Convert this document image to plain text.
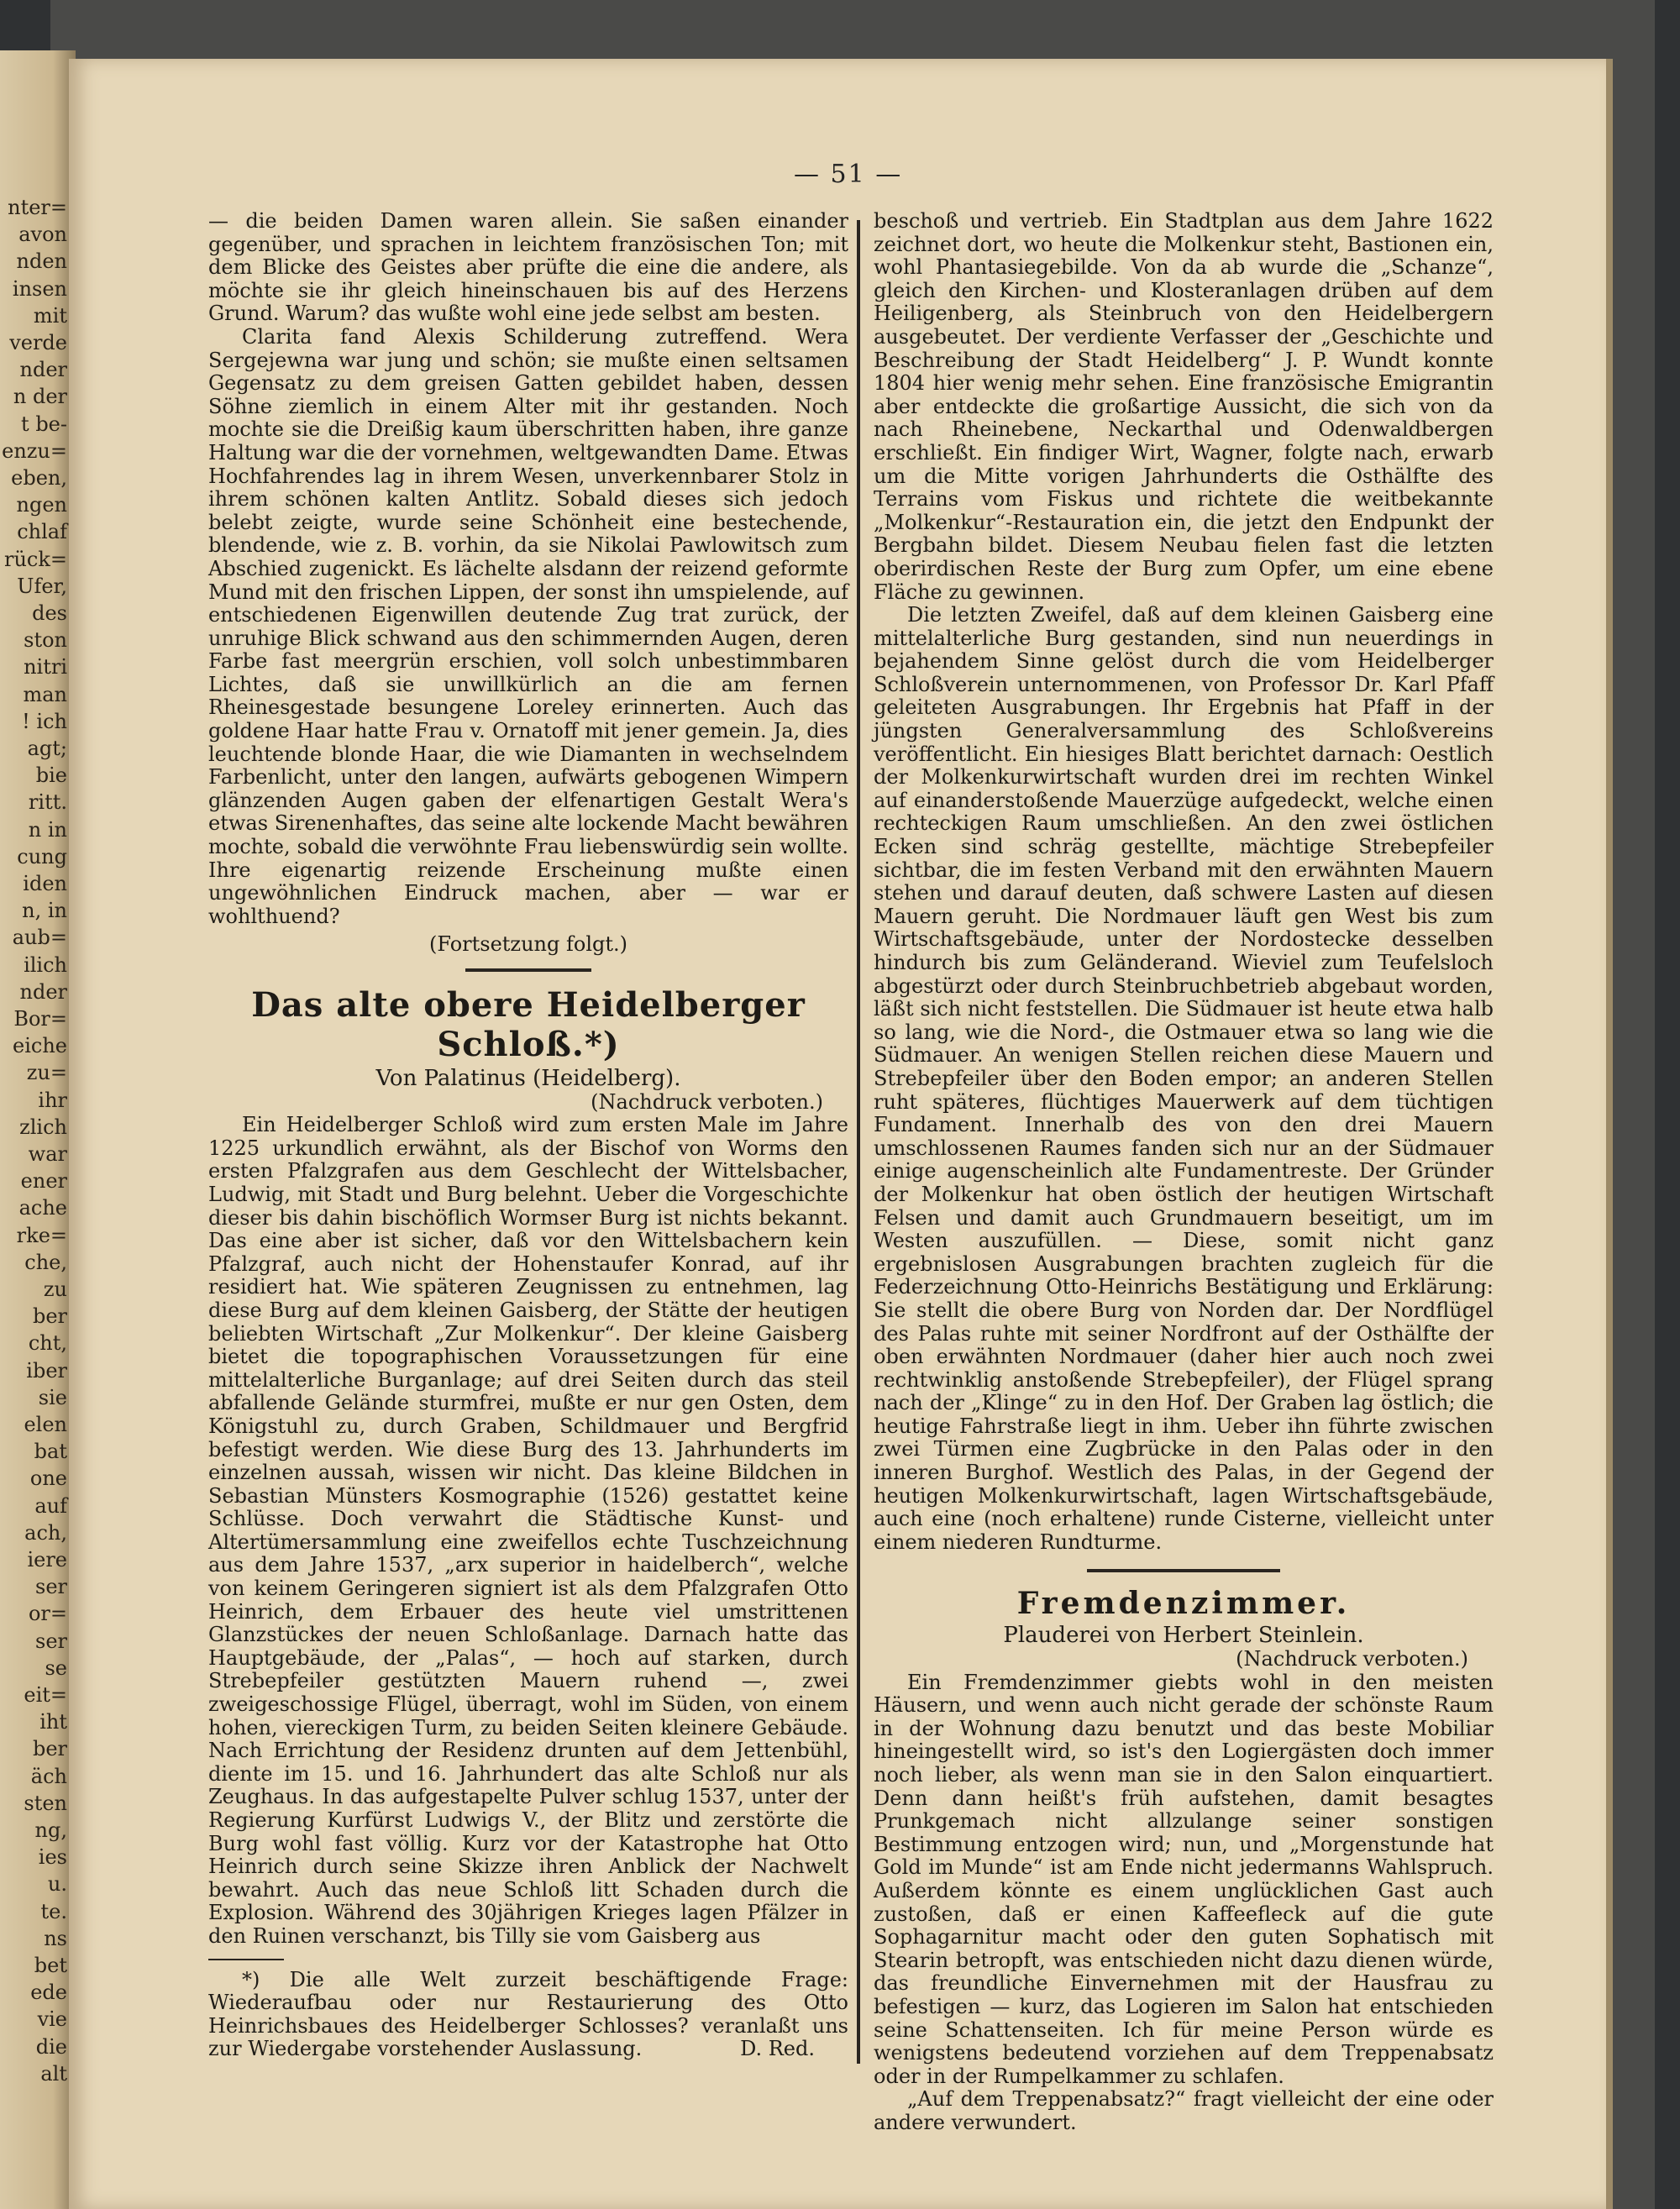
nter=
avon
nden
insen
mit
verde
nder
n der
t be-
enzu=
eben,
ngen
chlaf
rück=
Ufer,
des
ston
nitri
man
! ich
agt;
bie
ritt.
n in
cung
iden
n, in
aub=
ilich
nder
Bor=
eiche
zu=
ihr
zlich
war
ener
ache
rke=
che,
zu
ber
cht,
iber
sie
elen
bat
one
auf
ach,
iere
ser
or=
ser
se
eit=
iht
ber
äch
sten
ng,
ies
u.
te.
ns
bet
ede
vie
die
alt
— 51 —

— die beiden Damen waren allein. Sie saßen einander gegenüber, und sprachen in leichtem französischen Ton; mit dem Blicke des Geistes aber prüfte die eine die andere, als möchte sie ihr gleich hineinschauen bis auf des Herzens Grund. Warum? das wußte wohl eine jede selbst am besten.

Clarita fand Alexis Schilderung zutreffend. Wera Sergejewna war jung und schön; sie mußte einen seltsamen Gegensatz zu dem greisen Gatten gebildet haben, dessen Söhne ziemlich in einem Alter mit ihr gestanden. Noch mochte sie die Dreißig kaum überschritten haben, ihre ganze Haltung war die der vornehmen, weltgewandten Dame. Etwas Hochfahrendes lag in ihrem Wesen, unverkennbarer Stolz in ihrem schönen kalten Antlitz. Sobald dieses sich jedoch belebt zeigte, wurde seine Schönheit eine bestechende, blendende, wie z. B. vorhin, da sie Nikolai Pawlowitsch zum Abschied zugenickt. Es lächelte alsdann der reizend geformte Mund mit den frischen Lippen, der sonst ihn umspielende, auf entschiedenen Eigenwillen deutende Zug trat zurück, der unruhige Blick schwand aus den schimmernden Augen, deren Farbe fast meergrün erschien, voll solch unbestimmbaren Lichtes, daß sie unwillkürlich an die am fernen Rheinesgestade besungene Loreley erinnerten. Auch das goldene Haar hatte Frau v. Ornatoff mit jener gemein. Ja, dies leuchtende blonde Haar, die wie Diamanten in wechselndem Farbenlicht, unter den langen, aufwärts gebogenen Wimpern glänzenden Augen gaben der elfenartigen Gestalt Wera's etwas Sirenenhaftes, das seine alte lockende Macht bewähren mochte, sobald die verwöhnte Frau liebenswürdig sein wollte. Ihre eigenartig reizende Erscheinung mußte einen ungewöhnlichen Eindruck machen, aber — war er wohlthuend?

(Fortsetzung folgt.)

Das alte obere Heidelberger Schloß.*)

Von Palatinus (Heidelberg).

(Nachdruck verboten.)

Ein Heidelberger Schloß wird zum ersten Male im Jahre 1225 urkundlich erwähnt, als der Bischof von Worms den ersten Pfalzgrafen aus dem Geschlecht der Wittelsbacher, Ludwig, mit Stadt und Burg belehnt. Ueber die Vorgeschichte dieser bis dahin bischöflich Wormser Burg ist nichts bekannt. Das eine aber ist sicher, daß vor den Wittelsbachern kein Pfalzgraf, auch nicht der Hohenstaufer Konrad, auf ihr residiert hat. Wie späteren Zeugnissen zu entnehmen, lag diese Burg auf dem kleinen Gaisberg, der Stätte der heutigen beliebten Wirtschaft „Zur Molkenkur“. Der kleine Gaisberg bietet die topographischen Voraussetzungen für eine mittelalterliche Burganlage; auf drei Seiten durch das steil abfallende Gelände sturmfrei, mußte er nur gen Osten, dem Königstuhl zu, durch Graben, Schildmauer und Bergfrid befestigt werden. Wie diese Burg des 13. Jahrhunderts im einzelnen aussah, wissen wir nicht. Das kleine Bildchen in Sebastian Münsters Kosmographie (1526) gestattet keine Schlüsse. Doch verwahrt die Städtische Kunst- und Altertümersammlung eine zweifellos echte Tuschzeichnung aus dem Jahre 1537, „arx superior in haidelberch“, welche von keinem Geringeren signiert ist als dem Pfalzgrafen Otto Heinrich, dem Erbauer des heute viel umstrittenen Glanzstückes der neuen Schloßanlage. Darnach hatte das Hauptgebäude, der „Palas“, — hoch auf starken, durch Strebepfeiler gestützten Mauern ruhend —, zwei zweigeschossige Flügel, überragt, wohl im Süden, von einem hohen, viereckigen Turm, zu beiden Seiten kleinere Gebäude. Nach Errichtung der Residenz drunten auf dem Jettenbühl, diente im 15. und 16. Jahrhundert das alte Schloß nur als Zeughaus. In das aufgestapelte Pulver schlug 1537, unter der Regierung Kurfürst Ludwigs V., der Blitz und zerstörte die Burg wohl fast völlig. Kurz vor der Katastrophe hat Otto Heinrich durch seine Skizze ihren Anblick der Nachwelt bewahrt. Auch das neue Schloß litt Schaden durch die Explosion. Während des 30jährigen Krieges lagen Pfälzer in den Ruinen verschanzt, bis Tilly sie vom Gaisberg aus

*) Die alle Welt zurzeit beschäftigende Frage: Wiederaufbau oder nur Restaurierung des Otto Heinrichsbaues des Heidelberger Schlosses? veranlaßt uns zur Wiedergabe vorstehender Auslassung.	D. Red.

beschoß und vertrieb. Ein Stadtplan aus dem Jahre 1622 zeichnet dort, wo heute die Molkenkur steht, Bastionen ein, wohl Phantasiegebilde. Von da ab wurde die „Schanze“, gleich den Kirchen- und Klosteranlagen drüben auf dem Heiligenberg, als Steinbruch von den Heidelbergern ausgebeutet. Der verdiente Verfasser der „Geschichte und Beschreibung der Stadt Heidelberg“ J. P. Wundt konnte 1804 hier wenig mehr sehen. Eine französische Emigrantin aber entdeckte die großartige Aussicht, die sich von da nach Rheinebene, Neckarthal und Odenwaldbergen erschließt. Ein findiger Wirt, Wagner, folgte nach, erwarb um die Mitte vorigen Jahrhunderts die Osthälfte des Terrains vom Fiskus und richtete die weitbekannte „Molkenkur“-Restauration ein, die jetzt den Endpunkt der Bergbahn bildet. Diesem Neubau fielen fast die letzten oberirdischen Reste der Burg zum Opfer, um eine ebene Fläche zu gewinnen.

Die letzten Zweifel, daß auf dem kleinen Gaisberg eine mittelalterliche Burg gestanden, sind nun neuerdings in bejahendem Sinne gelöst durch die vom Heidelberger Schloßverein unternommenen, von Professor Dr. Karl Pfaff geleiteten Ausgrabungen. Ihr Ergebnis hat Pfaff in der jüngsten Generalversammlung des Schloßvereins veröffentlicht. Ein hiesiges Blatt berichtet darnach: Oestlich der Molkenkurwirtschaft wurden drei im rechten Winkel auf einanderstoßende Mauerzüge aufgedeckt, welche einen rechteckigen Raum umschließen. An den zwei östlichen Ecken sind schräg gestellte, mächtige Strebepfeiler sichtbar, die im festen Verband mit den erwähnten Mauern stehen und darauf deuten, daß schwere Lasten auf diesen Mauern geruht. Die Nordmauer läuft gen West bis zum Wirtschaftsgebäude, unter der Nordostecke desselben hindurch bis zum Geländerand. Wieviel zum Teufelsloch abgestürzt oder durch Steinbruchbetrieb abgebaut worden, läßt sich nicht feststellen. Die Südmauer ist heute etwa halb so lang, wie die Nord-, die Ostmauer etwa so lang wie die Südmauer. An wenigen Stellen reichen diese Mauern und Strebepfeiler über den Boden empor; an anderen Stellen ruht späteres, flüchtiges Mauerwerk auf dem tüchtigen Fundament. Innerhalb des von den drei Mauern umschlossenen Raumes fanden sich nur an der Südmauer einige augenscheinlich alte Fundamentreste. Der Gründer der Molkenkur hat oben östlich der heutigen Wirtschaft Felsen und damit auch Grundmauern beseitigt, um im Westen auszufüllen. — Diese, somit nicht ganz ergebnislosen Ausgrabungen brachten zugleich für die Federzeichnung Otto-Heinrichs Bestätigung und Erklärung: Sie stellt die obere Burg von Norden dar. Der Nordflügel des Palas ruhte mit seiner Nordfront auf der Osthälfte der oben erwähnten Nordmauer (daher hier auch noch zwei rechtwinklig anstoßende Strebepfeiler), der Flügel sprang nach der „Klinge“ zu in den Hof. Der Graben lag östlich; die heutige Fahrstraße liegt in ihm. Ueber ihn führte zwischen zwei Türmen eine Zugbrücke in den Palas oder in den inneren Burghof. Westlich des Palas, in der Gegend der heutigen Molkenkurwirtschaft, lagen Wirtschaftsgebäude, auch eine (noch erhaltene) runde Cisterne, vielleicht unter einem niederen Rundturme.

Fremdenzimmer.

Plauderei von Herbert Steinlein.

(Nachdruck verboten.)

Ein Fremdenzimmer giebts wohl in den meisten Häusern, und wenn auch nicht gerade der schönste Raum in der Wohnung dazu benutzt und das beste Mobiliar hineingestellt wird, so ist's den Logiergästen doch immer noch lieber, als wenn man sie in den Salon einquartiert. Denn dann heißt's früh aufstehen, damit besagtes Prunkgemach nicht allzulange seiner sonstigen Bestimmung entzogen wird; nun, und „Morgenstunde hat Gold im Munde“ ist am Ende nicht jedermanns Wahlspruch. Außerdem könnte es einem unglücklichen Gast auch zustoßen, daß er einen Kaffeefleck auf die gute Sophagarnitur macht oder den guten Sophatisch mit Stearin betropft, was entschieden nicht dazu dienen würde, das freundliche Einvernehmen mit der Hausfrau zu befestigen — kurz, das Logieren im Salon hat entschieden seine Schattenseiten. Ich für meine Person würde es wenigstens bedeutend vorziehen auf dem Treppenabsatz oder in der Rumpelkammer zu schlafen.

„Auf dem Treppenabsatz?“ fragt vielleicht der eine oder andere verwundert.
